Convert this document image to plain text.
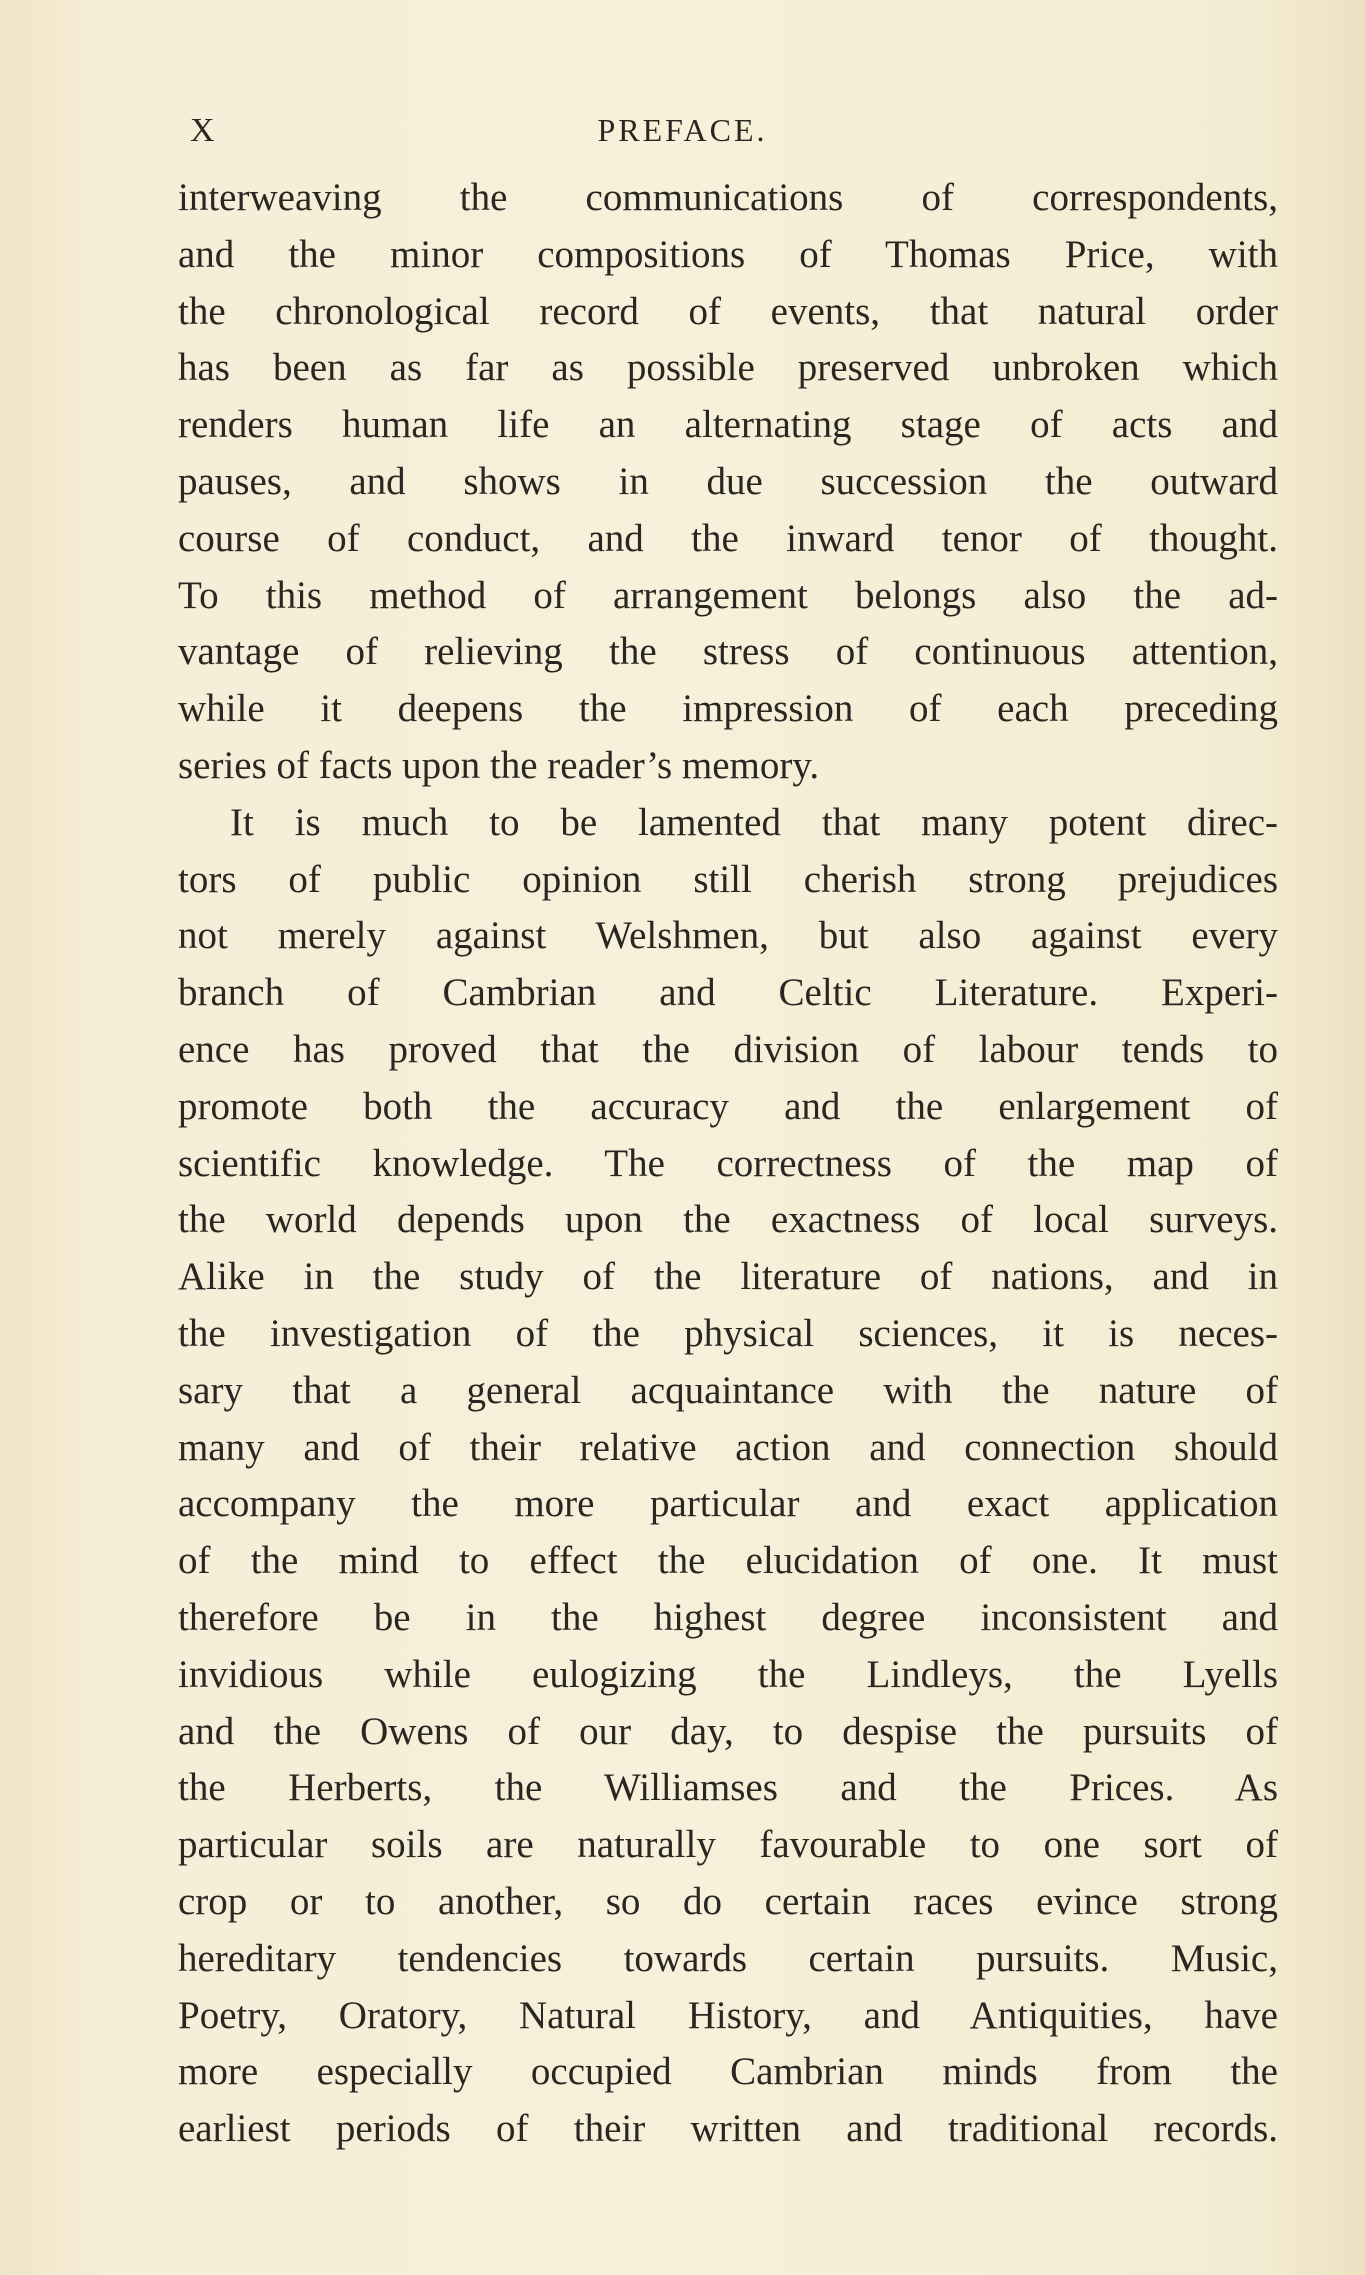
X	PREFACE.
interweaving the communications of correspondents,
and the minor compositions of Thomas Price, with
the chronological record of events, that natural order
has been as far as possible preserved unbroken which
renders human life an alternating stage of acts and
pauses, and shows in due succession the outward
course of conduct, and the inward tenor of thought.
To this method of arrangement belongs also the ad-
vantage of relieving the stress of continuous attention,
while it deepens the impression of each preceding
series of facts upon the reader’s memory.
It is much to be lamented that many potent direc-
tors of public opinion still cherish strong prejudices
not merely against Welshmen, but also against every
branch of Cambrian and Celtic Literature. Experi-
ence has proved that the division of labour tends to
promote both the accuracy and the enlargement of
scientific knowledge. The correctness of the map of
the world depends upon the exactness of local surveys.
Alike in the study of the literature of nations, and in
the investigation of the physical sciences, it is neces-
sary that a general acquaintance with the nature of
many and of their relative action and connection should
accompany the more particular and exact application
of the mind to effect the elucidation of one. It must
therefore be in the highest degree inconsistent and
invidious while eulogizing the Lindleys, the Lyells
and the Owens of our day, to despise the pursuits of
the Herberts, the Williamses and the Prices. As
particular soils are naturally favourable to one sort of
crop or to another, so do certain races evince strong
hereditary tendencies towards certain pursuits. Music,
Poetry, Oratory, Natural History, and Antiquities, have
more especially occupied Cambrian minds from the
earliest periods of their written and traditional records.
